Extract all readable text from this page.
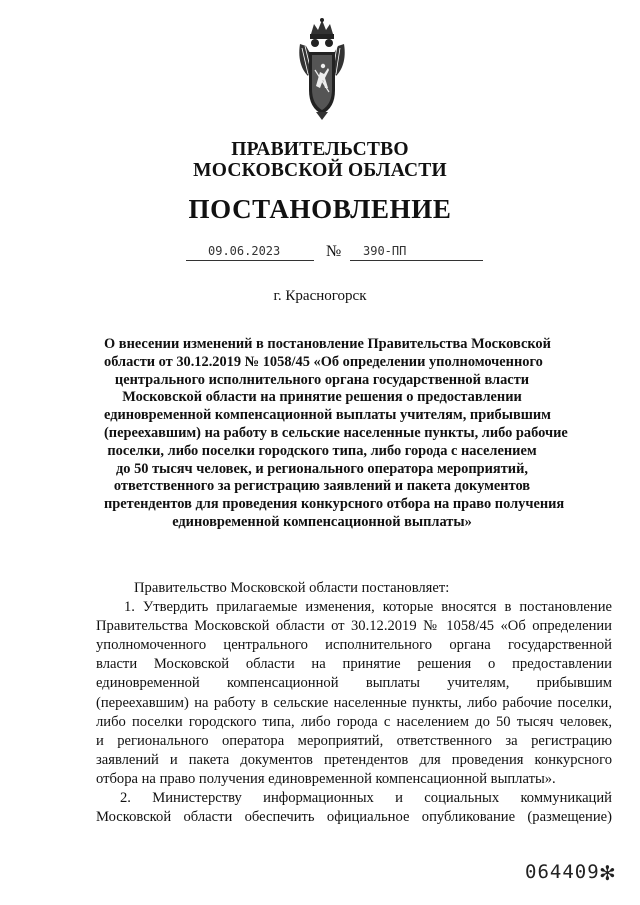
ПРАВИТЕЛЬСТВО
МОСКОВСКОЙ ОБЛАСТИ
ПОСТАНОВЛЕНИЕ
09.06.2023	№ 390-ПП
г. Красногорск
О внесении изменений в постановление Правительства Московской
области от 30.12.2019 № 1058/45 «Об определении уполномоченного
центрального исполнительного органа государственной власти
Московской области на принятие решения о предоставлении
единовременной компенсационной выплаты учителям, прибывшим
(переехавшим) на работу в сельские населенные пункты, либо рабочие
поселки, либо поселки городского типа, либо города с населением
до 50 тысяч человек, и регионального оператора мероприятий,
ответственного за регистрацию заявлений и пакета документов
претендентов для проведения конкурсного отбора на право получения
единовременной компенсационной выплаты»
Правительство Московской области постановляет:
1. Утвердить прилагаемые изменения, которые вносятся в постановление
Правительства Московской области от 30.12.2019 № 1058/45 «Об определении
уполномоченного центрального исполнительного органа государственной
власти Московской области на принятие решения о предоставлении
единовременной компенсационной выплаты учителям, прибывшим
(переехавшим) на работу в сельские населенные пункты, либо рабочие поселки,
либо поселки городского типа, либо города с населением до 50 тысяч человек,
и регионального оператора мероприятий, ответственного за регистрацию
заявлений и пакета документов претендентов для проведения конкурсного
отбора на право получения единовременной компенсационной выплаты».
2. Министерству информационных и социальных коммуникаций
Московской области обеспечить официальное опубликование (размещение)
064409 ✻
